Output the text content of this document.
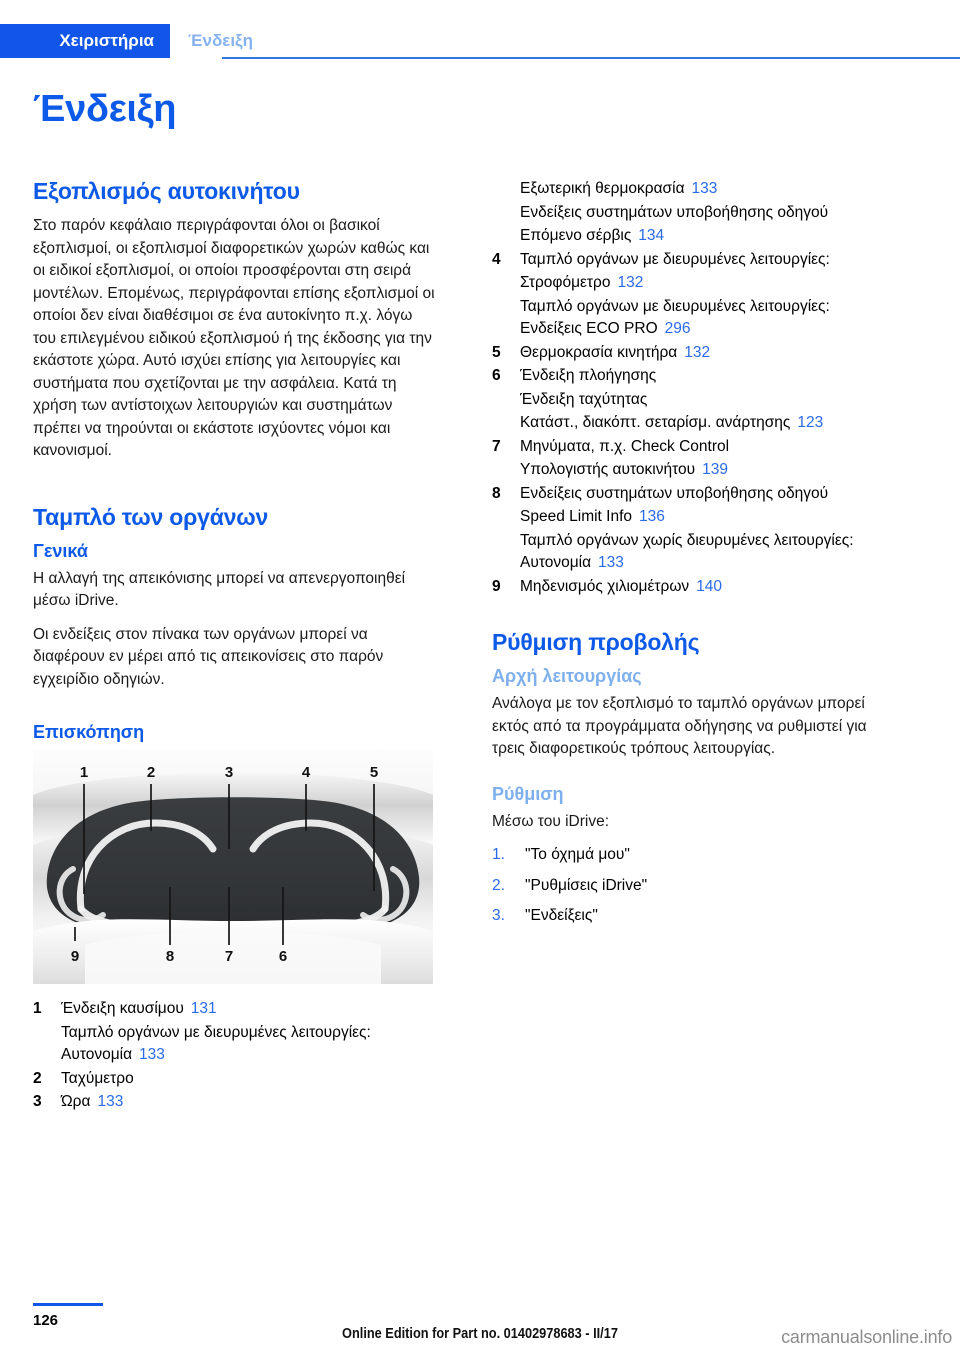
Χειριστήρια	Ένδειξη
Ένδειξη
Εξοπλισμός αυτοκινήτου

Στο παρόν κεφάλαιο περιγράφονται όλοι οι βασικοί εξοπλισμοί, οι εξοπλισμοί διαφορετικών χωρών καθώς και οι ειδικοί εξοπλισμοί, οι οποίοι προσφέρονται στη σειρά μοντέλων. Επομένως, περιγράφονται επίσης εξοπλισμοί οι οποίοι δεν είναι διαθέσιμοι σε ένα αυτοκίνητο π.χ. λόγω του επιλεγμένου ειδικού εξοπλισμού ή της έκδοσης για την εκάστοτε χώρα. Αυτό ισχύει επίσης για λειτουργίες και συστήματα που σχετίζονται με την ασφάλεια. Κατά τη χρήση των αντίστοιχων λειτουργιών και συστημάτων πρέπει να τηρούνται οι εκάστοτε ισχύοντες νόμοι και κανονισμοί.

Ταμπλό των οργάνων
Γενικά

Η αλλαγή της απεικόνισης μπορεί να απενεργοποιηθεί μέσω iDrive.

Οι ενδείξεις στον πίνακα των οργάνων μπορεί να διαφέρουν εν μέρει από τις απεικονίσεις στο παρόν εγχειρίδιο οδηγιών.

Επισκόπηση
1	2	3	4	5
9	8	7	6
1	Ένδειξη καυσίμου 131
Ταμπλό οργάνων με διευρυμένες λειτουργίες: Αυτονομία 133
2	Ταχύμετρο
3	Ώρα 133
Εξωτερική θερμοκρασία 133
Ενδείξεις συστημάτων υποβοήθησης οδηγού
Επόμενο σέρβις 134
4	Ταμπλό οργάνων με διευρυμένες λειτουργίες:
Στροφόμετρο 132
Ταμπλό οργάνων με διευρυμένες λειτουργίες: Ενδείξεις ECO PRO 296
5	Θερμοκρασία κινητήρα 132
6	Ένδειξη πλοήγησης
Ένδειξη ταχύτητας
Κατάστ., διακόπτ. σεταρίσμ. ανάρτησης 123
7	Μηνύματα, π.χ. Check Control
Υπολογιστής αυτοκινήτου 139
8	Ενδείξεις συστημάτων υποβοήθησης οδηγού
Speed Limit Info 136
Ταμπλό οργάνων χωρίς διευρυμένες λειτουργίες: Αυτονομία 133
9	Μηδενισμός χιλιομέτρων 140
Ρύθμιση προβολής
Αρχή λειτουργίας

Ανάλογα με τον εξοπλισμό το ταμπλό οργάνων μπορεί εκτός από τα προγράμματα οδήγησης να ρυθμιστεί για τρεις διαφορετικούς τρόπους λειτουργίας.

Ρύθμιση

Μέσω του iDrive:

1.	"Το όχημά μου"
2.	"Ρυθμίσεις iDrive"
3.	"Ενδείξεις"
126
Online Edition for Part no. 01402978683 - II/17	carmanualsonline.info
